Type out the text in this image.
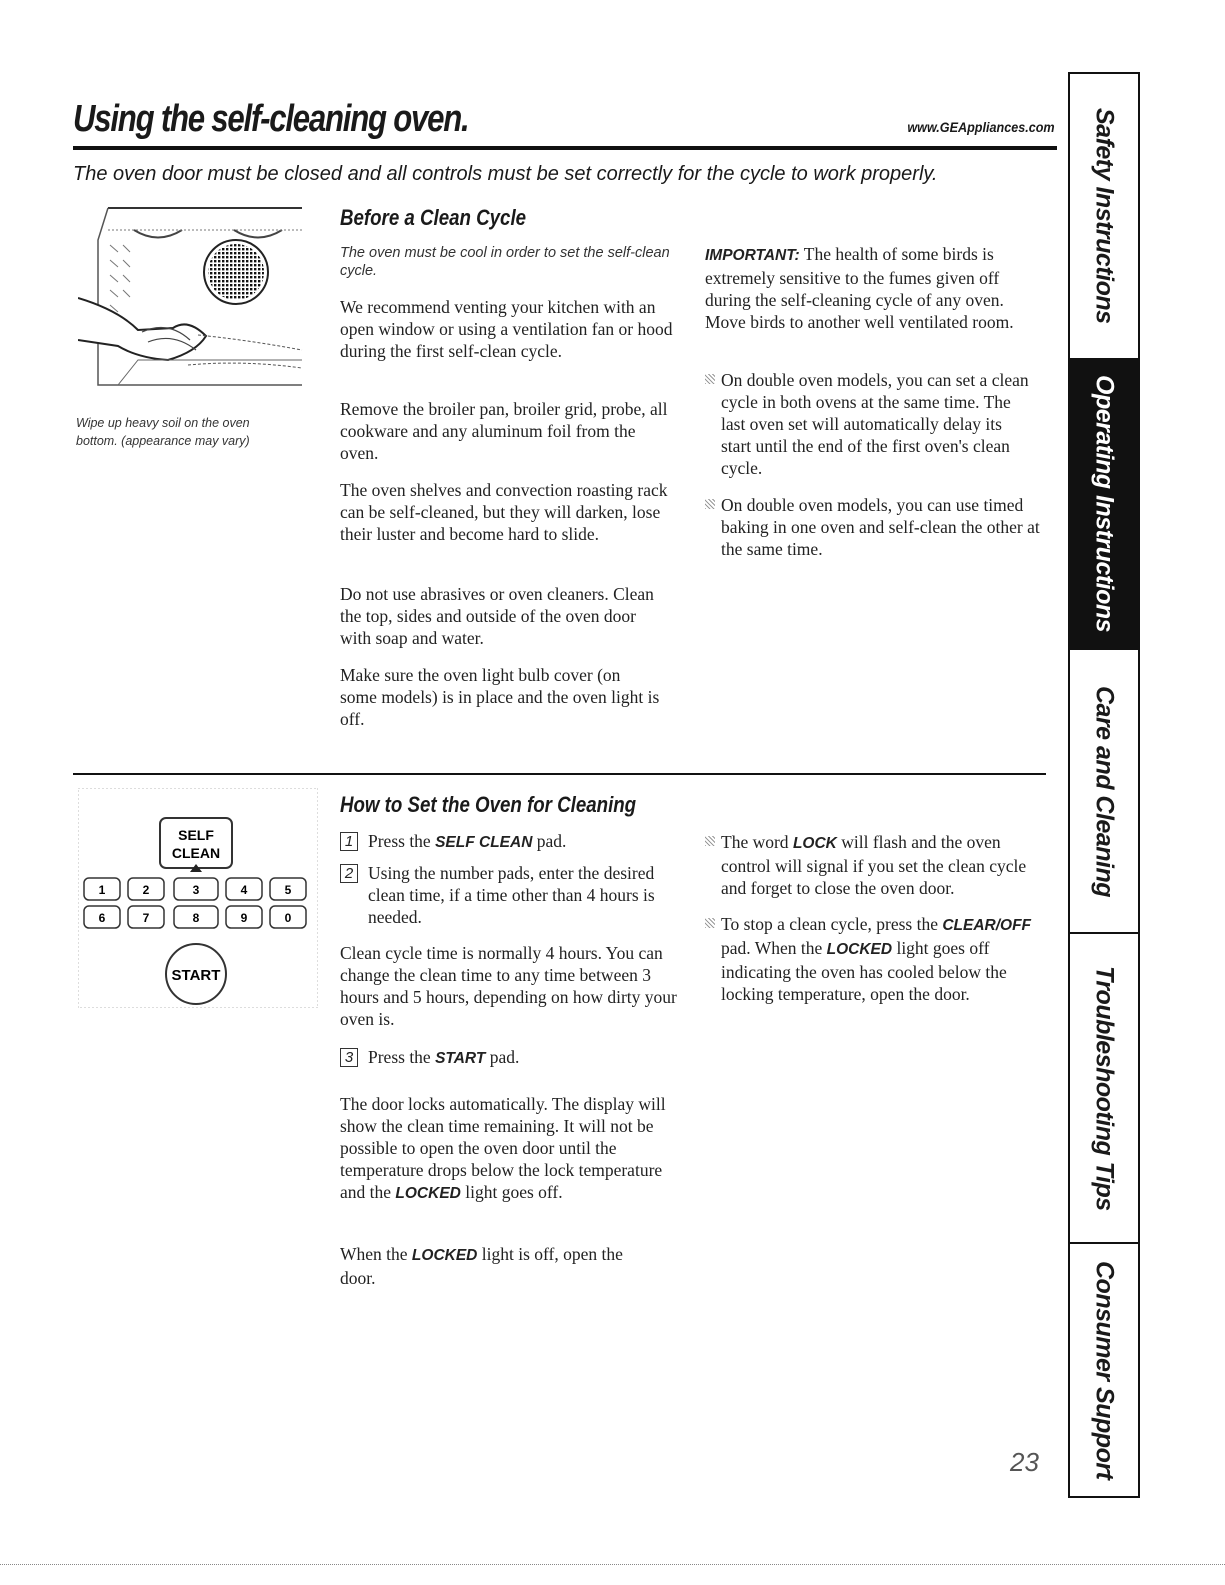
Using the self-cleaning oven.	www.GEAppliances.com
The oven door must be closed and all controls must be set correctly for the cycle to work properly.
Wipe up heavy soil on the oven bottom. (appearance may vary)
Before a Clean Cycle
The oven must be cool in order to set the self-clean cycle.

We recommend venting your kitchen with an open window or using a ventilation fan or hood during the first self-clean cycle.

Remove the broiler pan, broiler grid, probe, all cookware and any aluminum foil from the oven.

The oven shelves and convection roasting rack can be self-cleaned, but they will darken, lose their luster and become hard to slide.

Do not use abrasives or oven cleaners. Clean the top, sides and outside of the oven door with soap and water.

Make sure the oven light bulb cover (on some models) is in place and the oven light is off.

IMPORTANT: The health of some birds is extremely sensitive to the fumes given off during the self-cleaning cycle of any oven. Move birds to another well ventilated room.

On double oven models, you can set a clean cycle in both ovens at the same time. The last oven set will automatically delay its start until the end of the first oven's clean cycle.
On double oven models, you can use timed baking in one oven and self-clean the other at the same time.
SELF
CLEAN
1	2	3	4	5
6	7	8	9	0
START
How to Set the Oven for Cleaning
1 Press the SELF CLEAN pad.
2 Using the number pads, enter the desired clean time, if a time other than 4 hours is needed.

Clean cycle time is normally 4 hours. You can change the clean time to any time between 3 hours and 5 hours, depending on how dirty your oven is.

3 Press the START pad.

The door locks automatically. The display will show the clean time remaining. It will not be possible to open the oven door until the temperature drops below the lock temperature and the LOCKED light goes off.

When the LOCKED light is off, open the door.

The word LOCK will flash and the oven control will signal if you set the clean cycle and forget to close the oven door.
To stop a clean cycle, press the CLEAR/OFF pad. When the LOCKED light goes off indicating the oven has cooled below the locking temperature, open the door.
Safety Instructions
Operating Instructions
Care and Cleaning
Troubleshooting Tips
Consumer Support
23
